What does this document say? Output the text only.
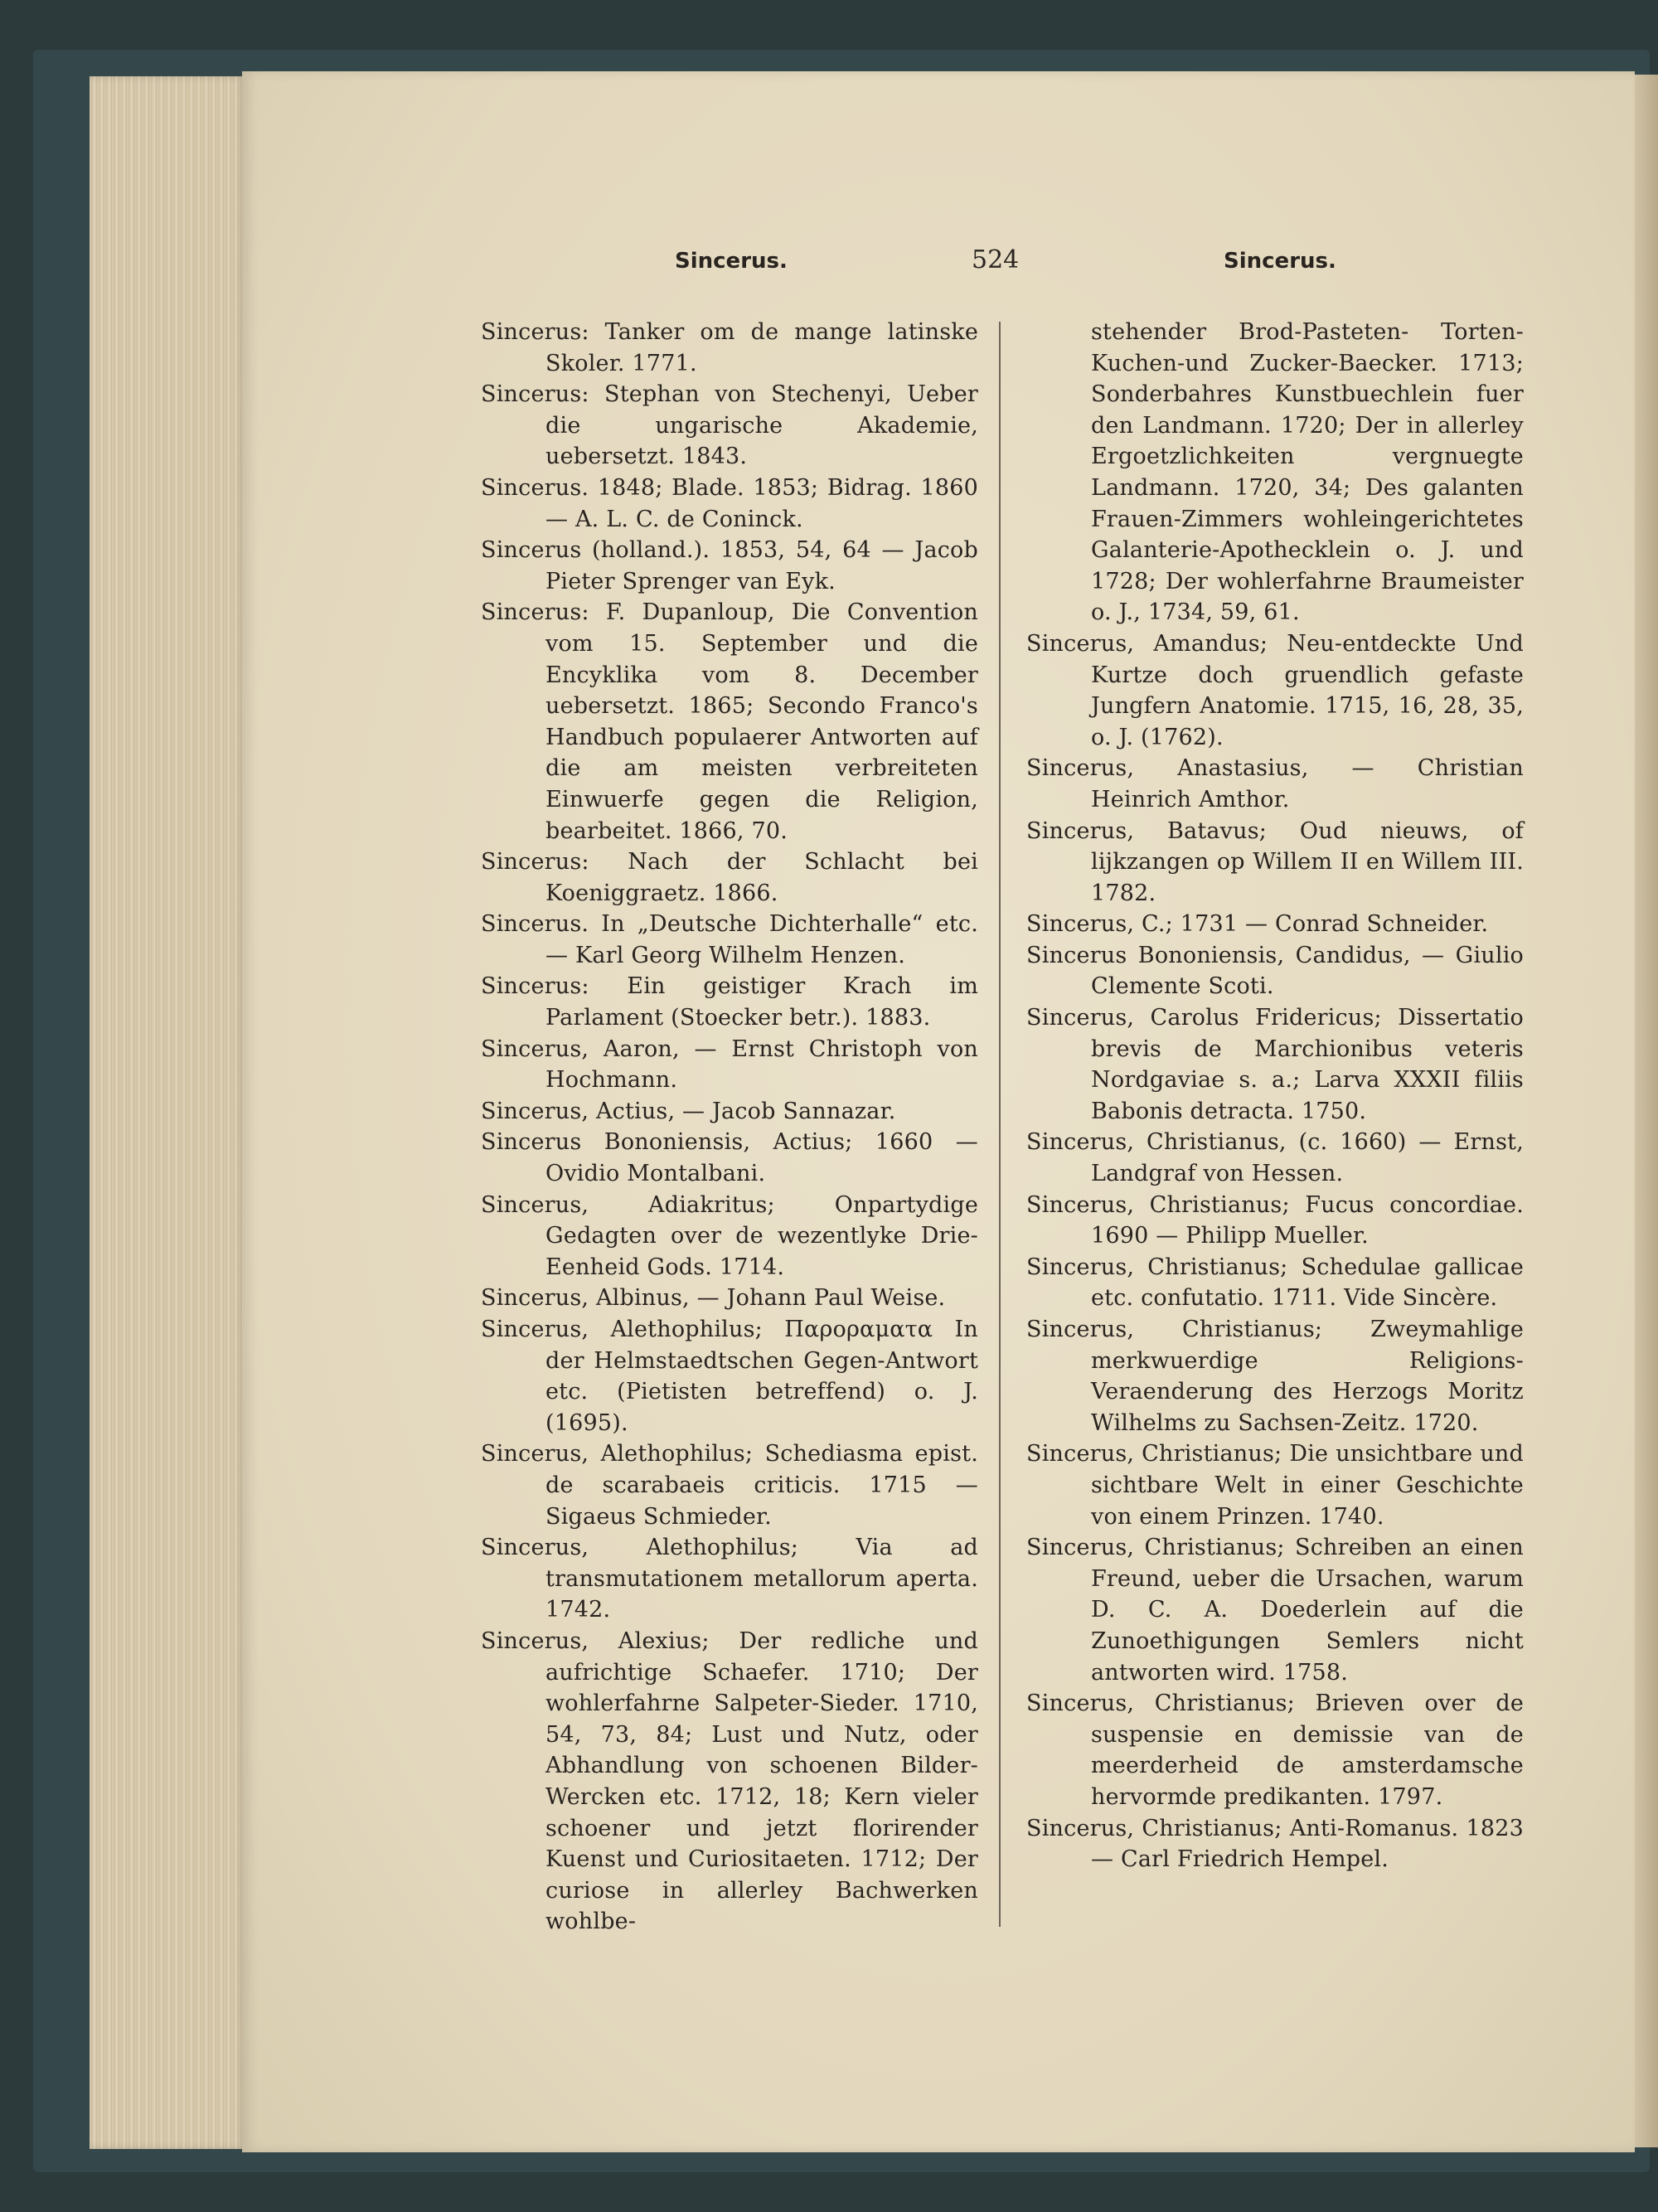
Sincerus.	524	Sincerus.

Sincerus: Tanker om de mange latinske Skoler. 1771.

Sincerus: Stephan von Stechenyi, Ueber die ungarische Akademie, uebersetzt. 1843.

Sincerus. 1848; Blade. 1853; Bidrag. 1860 — A. L. C. de Coninck.

Sincerus (holland.). 1853, 54, 64 — Jacob Pieter Sprenger van Eyk.

Sincerus: F. Dupanloup, Die Convention vom 15. September und die Encyklika vom 8. December uebersetzt. 1865; Secondo Franco's Handbuch populaerer Antworten auf die am meisten verbreiteten Einwuerfe gegen die Religion, bearbeitet. 1866, 70.

Sincerus: Nach der Schlacht bei Koeniggraetz. 1866.

Sincerus. In „Deutsche Dichterhalle“ etc. — Karl Georg Wilhelm Henzen.

Sincerus: Ein geistiger Krach im Parlament (Stoecker betr.). 1883.

Sincerus, Aaron, — Ernst Christoph von Hochmann.

Sincerus, Actius, — Jacob Sannazar.

Sincerus Bononiensis, Actius; 1660 — Ovidio Montalbani.

Sincerus, Adiakritus; Onpartydige Gedagten over de wezentlyke Drie-Eenheid Gods. 1714.

Sincerus, Albinus, — Johann Paul Weise.

Sincerus, Alethophilus; Παρoραματα In der Helmstaedtschen Gegen-Antwort etc. (Pietisten betreffend) o. J. (1695).

Sincerus, Alethophilus; Schediasma epist. de scarabaeis criticis. 1715 — Sigaeus Schmieder.

Sincerus, Alethophilus; Via ad transmutationem metallorum aperta. 1742.

Sincerus, Alexius; Der redliche und aufrichtige Schaefer. 1710; Der wohlerfahrne Salpeter-Sieder. 1710, 54, 73, 84; Lust und Nutz, oder Abhandlung von schoenen Bilder-Wercken etc. 1712, 18; Kern vieler schoener und jetzt florirender Kuenst und Curiositaeten. 1712; Der curiose in allerley Bachwerken wohlbe-

stehender Brod-Pasteten- Torten-Kuchen-und Zucker-Baecker. 1713; Sonderbahres Kunstbuechlein fuer den Landmann. 1720; Der in allerley Ergoetzlichkeiten vergnuegte Landmann. 1720, 34; Des galanten Frauen-Zimmers wohleingerichtetes Galanterie-Apothecklein o. J. und 1728; Der wohlerfahrne Braumeister o. J., 1734, 59, 61.

Sincerus, Amandus; Neu-entdeckte Und Kurtze doch gruendlich gefaste Jungfern Anatomie. 1715, 16, 28, 35, o. J. (1762).

Sincerus, Anastasius, — Christian Heinrich Amthor.

Sincerus, Batavus; Oud nieuws, of lijkzangen op Willem II en Willem III. 1782.

Sincerus, C.; 1731 — Conrad Schneider.

Sincerus Bononiensis, Candidus, — Giulio Clemente Scoti.

Sincerus, Carolus Fridericus; Dissertatio brevis de Marchionibus veteris Nordgaviae s. a.; Larva XXXII filiis Babonis detracta. 1750.

Sincerus, Christianus, (c. 1660) — Ernst, Landgraf von Hessen.

Sincerus, Christianus; Fucus concordiae. 1690 — Philipp Mueller.

Sincerus, Christianus; Schedulae gallicae etc. confutatio. 1711. Vide Sincère.

Sincerus, Christianus; Zweymahlige merkwuerdige Religions-Veraenderung des Herzogs Moritz Wilhelms zu Sachsen-Zeitz. 1720.

Sincerus, Christianus; Die unsichtbare und sichtbare Welt in einer Geschichte von einem Prinzen. 1740.

Sincerus, Christianus; Schreiben an einen Freund, ueber die Ursachen, warum D. C. A. Doederlein auf die Zunoethigungen Semlers nicht antworten wird. 1758.

Sincerus, Christianus; Brieven over de suspensie en demissie van de meerderheid de amsterdamsche hervormde predikanten. 1797.

Sincerus, Christianus; Anti-Romanus. 1823 — Carl Friedrich Hempel.
